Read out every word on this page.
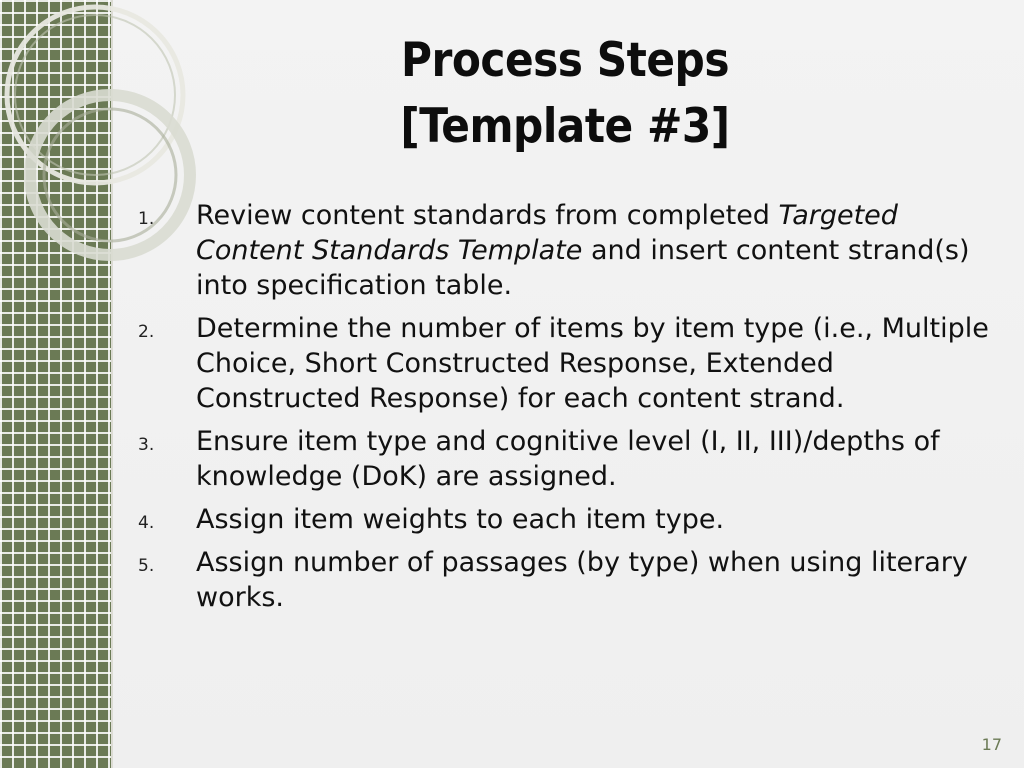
Process Steps
[Template #3]
1. Review content standards from completed Targeted Content Standards Template and insert content strand(s) into specification table.
2. Determine the number of items by item type (i.e., Multiple Choice, Short Constructed Response, Extended Constructed Response) for each content strand.
3. Ensure item type and cognitive level (I, II, III)/depths of knowledge (DoK) are assigned.
4. Assign item weights to each item type.
5. Assign number of passages (by type) when using literary works.
17
